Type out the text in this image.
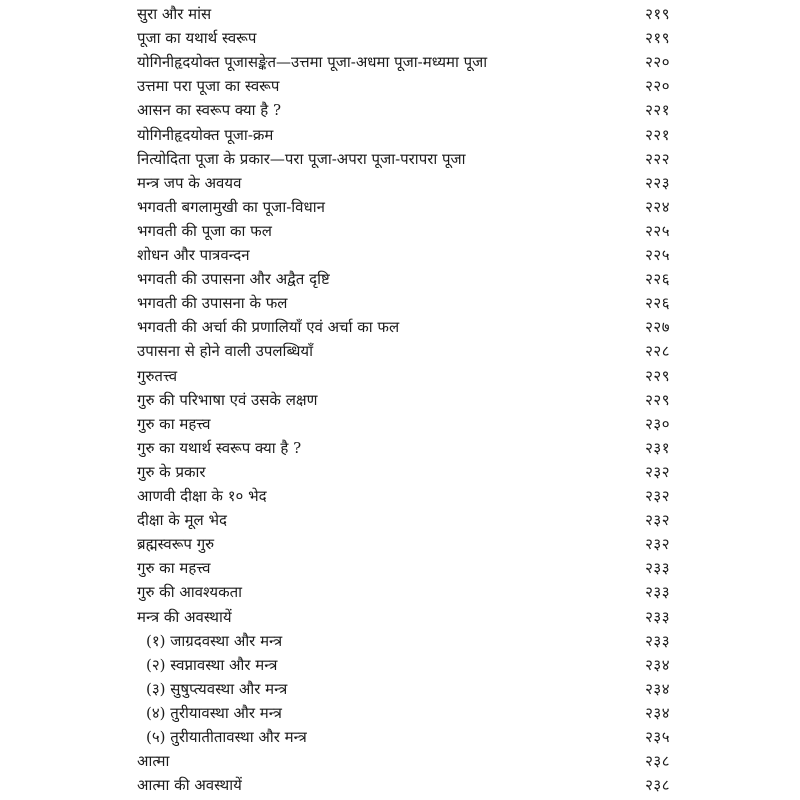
सुरा और मांस	२१९
पूजा का यथार्थ स्वरूप	२१९
योगिनीहृदयोक्त पूजासङ्केत—उत्तमा पूजा-अधमा पूजा-मध्यमा पूजा	२२०
उत्तमा परा पूजा का स्वरूप	२२०
आसन का स्वरूप क्या है ?	२२१
योगिनीहृदयोक्त पूजा-क्रम	२२१
नित्योदिता पूजा के प्रकार—परा पूजा-अपरा पूजा-परापरा पूजा	२२२
मन्त्र जप के अवयव	२२३
भगवती बगलामुखी का पूजा-विधान	२२४
भगवती की पूजा का फल	२२५
शोधन और पात्रवन्दन	२२५
भगवती की उपासना और अद्वैत दृष्टि	२२६
भगवती की उपासना के फल	२२६
भगवती की अर्चा की प्रणालियाँ एवं अर्चा का फल	२२७
उपासना से होने वाली उपलब्धियाँ	२२८
गुरुतत्त्व	२२९
गुरु की परिभाषा एवं उसके लक्षण	२२९
गुरु का महत्त्व	२३०
गुरु का यथार्थ स्वरूप क्या है ?	२३१
गुरु के प्रकार	२३२
आणवी दीक्षा के १० भेद	२३२
दीक्षा के मूल भेद	२३२
ब्रह्मस्वरूप गुरु	२३२
गुरु का महत्त्व	२३३
गुरु की आवश्यकता	२३३
मन्त्र की अवस्थायें	२३३
(१) जाग्रदवस्था और मन्त्र	२३३
(२) स्वप्नावस्था और मन्त्र	२३४
(३) सुषुप्त्यवस्था और मन्त्र	२३४
(४) तुरीयावस्था और मन्त्र	२३४
(५) तुरीयातीतावस्था और मन्त्र	२३५
आत्मा	२३८
आत्मा की अवस्थायें	२३८
